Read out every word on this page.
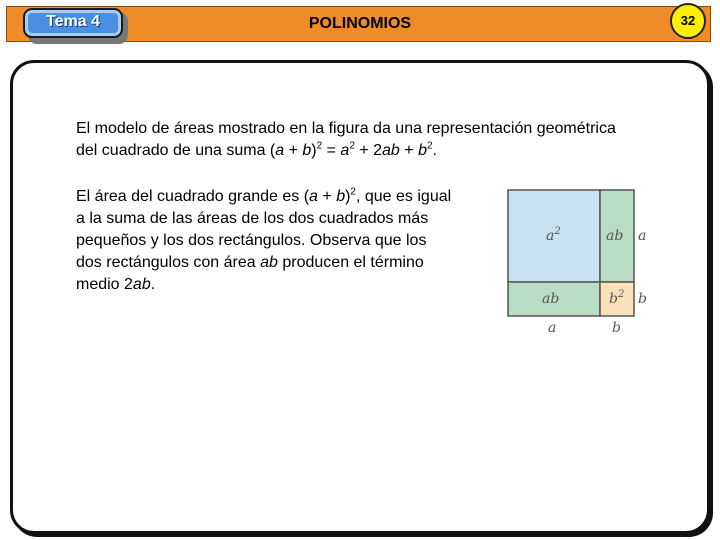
Tema 4	POLINOMIOS	32
El modelo de áreas mostrado en la figura da una representación geométrica del cuadrado de una suma $(a + b)^2 = a^2 + 2ab + b^2$.
El área del cuadrado grande es $(a + b)^2$, que es igual a la suma de las áreas de los dos cuadrados más pequeños y los dos rectángulos. Observa que los dos rectángulos con área ab producen el término medio 2ab.
$a^2$	ab
ab	$b^2$
a
b
a	b
